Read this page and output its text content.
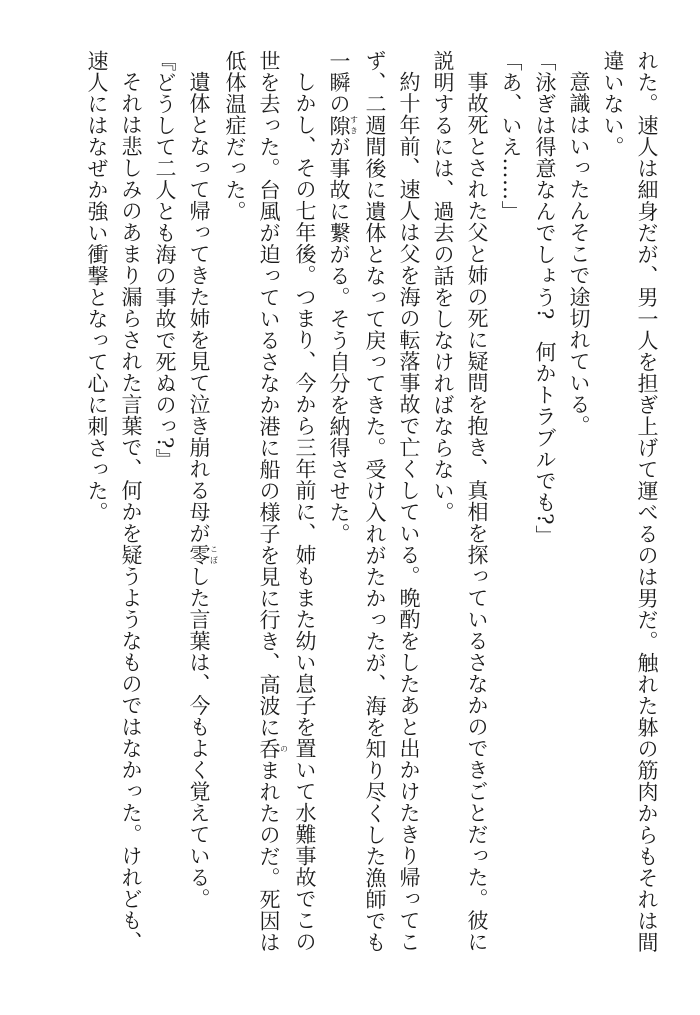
れた。速人は細身だが、男一人を担ぎ上げて運べるのは男だ。触れた躰の筋肉からもそれは間
違いない。
意識はいったんそこで途切れている。
「泳ぎは得意なんでしょう?　何かトラブルでも?」
「あ、いえ……」
事故死とされた父と姉の死に疑問を抱き、真相を探っているさなかのできごとだった。彼に
説明するには、過去の話をしなければならない。
約十年前、速人は父を海の転落事故で亡くしている。晩酌をしたあと出かけたきり帰ってこ
ず、二週間後に遺体となって戻ってきた。受け入れがたかったが、海を知り尽くした漁師でも
一瞬の隙すきが事故に繋がる。そう自分を納得させた。
しかし、その七年後。つまり、今から三年前に、姉もまた幼い息子を置いて水難事故でこの
世を去った。台風が迫っているさなか港に船の様子を見に行き、高波に呑のまれたのだ。死因は
低体温症だった。
遺体となって帰ってきた姉を見て泣き崩れる母が零こぼした言葉は、今もよく覚えている。
『どうして二人とも海の事故で死ぬのっ?』
それは悲しみのあまり漏らされた言葉で、何かを疑うようなものではなかった。けれども、
速人にはなぜか強い衝撃となって心に刺さった。
